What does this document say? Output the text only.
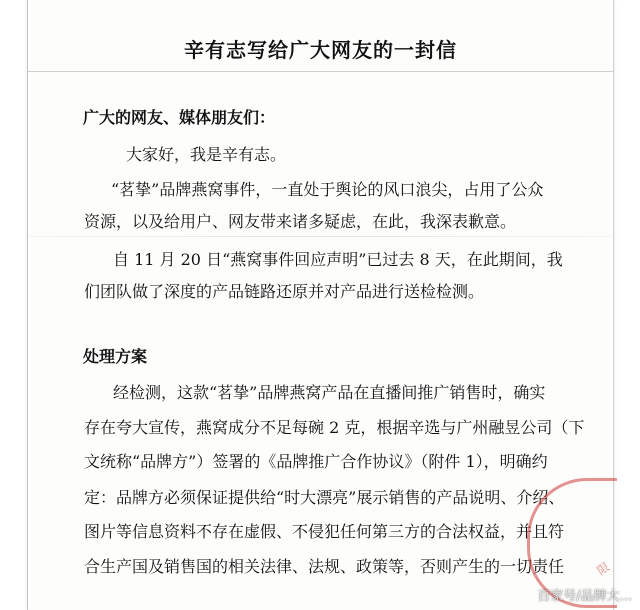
辛有志写给广大网友的一封信
广大的网友、媒体朋友们：
大家好，我是辛有志。
“茗挚”品牌燕窝事件，一直处于舆论的风口浪尖，占用了公众
资源，以及给用户、网友带来诸多疑虑，在此，我深表歉意。
自 11 月 20 日“燕窝事件回应声明”已过去 8 天，在此期间，我
们团队做了深度的产品链路还原并对产品进行送检检测。
处理方案
经检测，这款“茗挚”品牌燕窝产品在直播间推广销售时，确实
存在夸大宣传，燕窝成分不足每碗 2 克，根据辛选与广州融昱公司（下
文统称“品牌方”）签署的《品牌推广合作协议》（附件 1），明确约
定：品牌方必须保证提供给“时大漂亮”展示销售的产品说明、介绍、
图片等信息资料不存在虚假、不侵犯任何第三方的合法权益，并且符
合生产国及销售国的相关法律、法规、政策等，否则产生的一切责任	限
百家号/品牌大...
